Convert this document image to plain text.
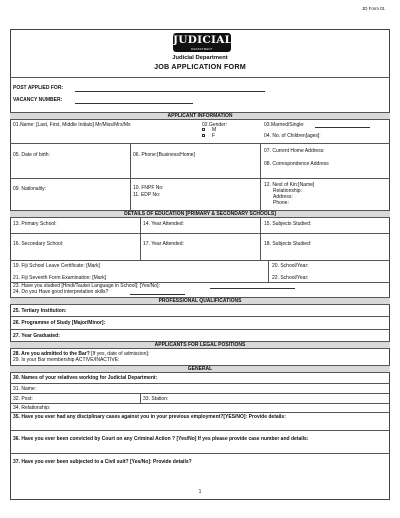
JD Form 01
JUDICIAL
DEPARTMENT
Judicial Department
JOB APPLICATION FORM
POST APPLIED FOR:
VACANCY NUMBER:
APPLICANT INFORMATION
01.Name: [Last, First, Middle Initials] Mr/Miss/Mrs/Ms	02.Gender:
M
F
03.Married/Single:
04. No. of Children[ages]:
05. Date of birth:	06. Phone:[Business/Home]
07. Current Home Address:
08. Correspondence Address
09. Nationality:	10. FNPF No:
11. EDP No:
12. Next of Kin:[Name]
Relationship:
Address:
Phone:
DETAILS OF EDUCATION [PRIMARY & SECONDARY SCHOOLS]
13. Primary School:	14. Year Attended:	15. Subjects Studied:
16. Secondary School:	17. Year Attended:	18. Subjects Studied:
19. Fiji School Leave Certificate: [Mark]	20. School/Year:
21. Fiji Seventh Form Examination: [Mark]	22. School/Year:
23. Have you studied [Hindi/Taukei Language in School]: [Yes/No]:
24. Do you Have good interpretation skills?
PROFESSIONAL QUALIFICATIONS
25. Tertiary Institution:
26. Programme of Study [Major/Minor]:
27. Year Graduated:
APPLICANTS FOR LEGAL POSITIONS
28. Are you admitted to the Bar? [If yes, date of admission]:
29. Is your Bar membership ACTIVE/INACTIVE:
GENERAL
30. Names of your relatives working for Judicial Department:
31. Name:
32. Post:	33. Station:
34. Relationship:
35. Have you ever had any disciplinary cases against you in your previous employment?[YES/NO]: Provide details:
36. Have you ever been convicted by Court on any Criminal Action ? [Yes/No] If yes please provide case number and details:
37. Have you ever been subjected to a Civil suit? [Yes/No]: Provide details?
1
